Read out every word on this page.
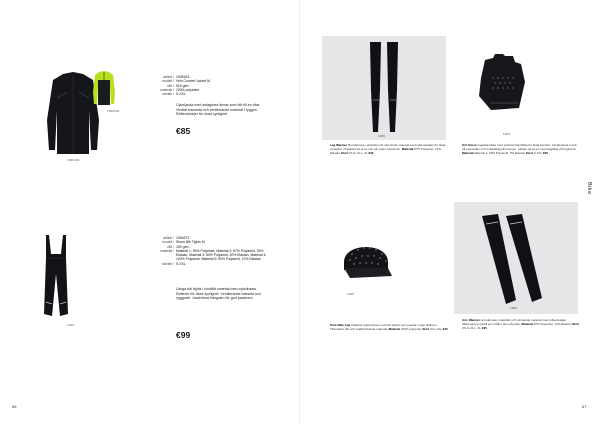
1906163
1906164
artikel / 1906163
modell / Velo Convert Jacket M
vikt / 515 g/m²
material / 100% polyester
storlek / S-XXL
Cykeljacka med avtagbara ärmar som blir till en väst. Vindtät framsida och ventilerande material i ryggen. Reflexdetaljer för ökad synlighet.
€85
1905
artikel / 1906372
modell / Storm Bib Tights M
vikt / 150 g/m²
material / Material 1: 96% Polyester, Material 2: 67% Polyamid, 33% Elastan, Material 3: 80% Polyamid, 20% Elastan, Material 4: 100% Polyamid, Material 5: 90% Polyamid, 10% Elastan
storlek / S-XXL
Långa bib tights i vindtätt material med cykelinsats. Reflexer för ökad synlighet. Ventilerande baksida och ryggparti. Justerbara hängslen för god passform.
€99
66
1905
Leg Warmer Benvärmare i elastiskt och värmande material med reflexdetaljer för ökad synlighet. Praktiska att ta av och på under cykelturen. Material 87% Polyester, 13% Elastan Storl XS-S, M-L, XL €32
1905
Grit Glove Cykelhandske med polstrad handflata för ökad komfort. Ventilerande mesh på ovansidan och frottédetalj på tummen. Lättare att ta av med dragflikar på fingrarna. Material Material 1: 95% Polyamid, 5% Elastan Storl S-XXL €25
Bike
1905
Pure Bike Cap Klassisk cykelmössa med kort skärm som passar under hjälmen. Tillverkad i lätt och snabbtorkande material. Material 100% polyester Storl One size €15
1905
Arm Warmer Armvärmare i elastiskt och värmande material med reflexdetaljer. Silikongrepp upptill som håller dem på plats. Material 87% Polyester, 13% Elastan Storl XS-S, M-L, XL €25
67
